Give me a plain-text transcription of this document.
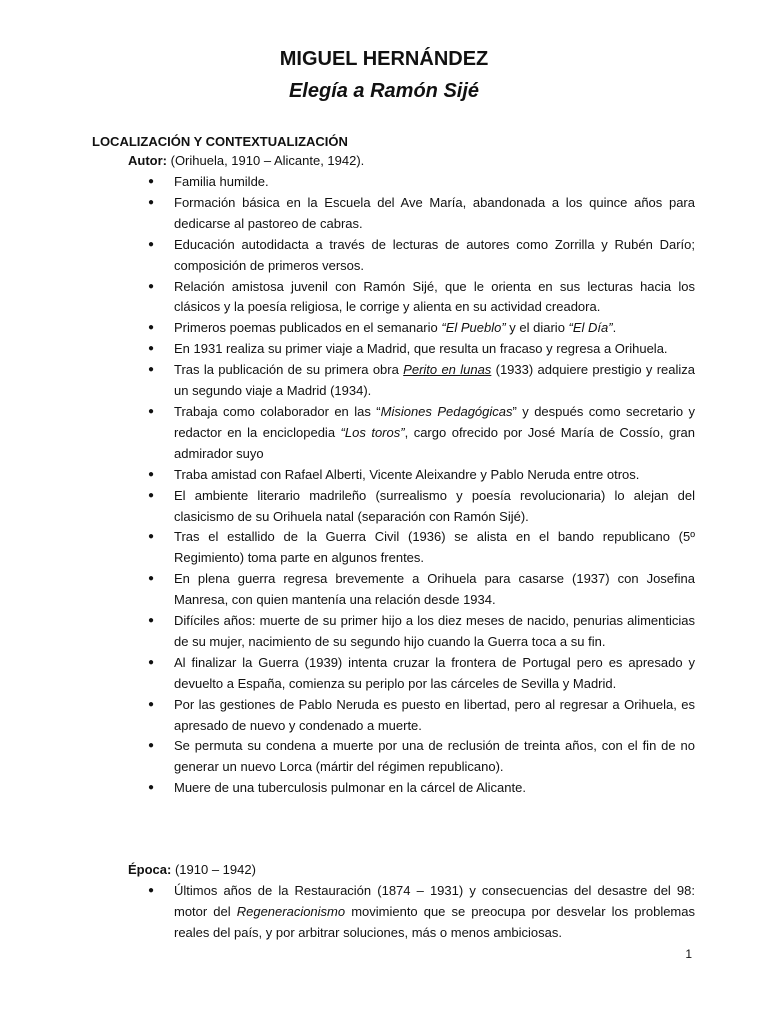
MIGUEL HERNÁNDEZ
Elegía a Ramón Sijé
LOCALIZACIÓN Y CONTEXTUALIZACIÓN
Autor: (Orihuela, 1910 – Alicante, 1942).
● Familia humilde.
● Formación básica en la Escuela del Ave María, abandonada a los quince años para dedicarse al pastoreo de cabras.
● Educación autodidacta a través de lecturas de autores como Zorrilla y Rubén Darío; composición de primeros versos.
● Relación amistosa juvenil con Ramón Sijé, que le orienta en sus lecturas hacia los clásicos y la poesía religiosa, le corrige y alienta en su actividad creadora.
● Primeros poemas publicados en el semanario “El Pueblo” y el diario “El Día”.
● En 1931 realiza su primer viaje a Madrid, que resulta un fracaso y regresa a Orihuela.
● Tras la publicación de su primera obra Perito en lunas (1933) adquiere prestigio y realiza un segundo viaje a Madrid (1934).
● Trabaja como colaborador en las “Misiones Pedagógicas” y después como secretario y redactor en la enciclopedia “Los toros”, cargo ofrecido por José María de Cossío, gran admirador suyo
● Traba amistad con Rafael Alberti, Vicente Aleixandre y Pablo Neruda entre otros.
● El ambiente literario madrileño (surrealismo y poesía revolucionaria) lo alejan del clasicismo de su Orihuela natal (separación con Ramón Sijé).
● Tras el estallido de la Guerra Civil (1936) se alista en el bando republicano (5º Regimiento) toma parte en algunos frentes.
● En plena guerra regresa brevemente a Orihuela para casarse (1937) con Josefina Manresa, con quien mantenía una relación desde 1934.
● Difíciles años: muerte de su primer hijo a los diez meses de nacido, penurias alimenticias de su mujer, nacimiento de su segundo hijo cuando la Guerra toca a su fin.
● Al finalizar la Guerra (1939) intenta cruzar la frontera de Portugal pero es apresado y devuelto a España, comienza su periplo por las cárceles de Sevilla y Madrid.
● Por las gestiones de Pablo Neruda es puesto en libertad, pero al regresar a Orihuela, es apresado de nuevo y condenado a muerte.
● Se permuta su condena a muerte por una de reclusión de treinta años, con el fin de no generar un nuevo Lorca (mártir del régimen republicano).
● Muere de una tuberculosis pulmonar en la cárcel de Alicante.
Época: (1910 – 1942)
● Últimos años de la Restauración (1874 – 1931) y consecuencias del desastre del 98: motor del Regeneracionismo movimiento que se preocupa por desvelar los problemas reales del país, y por arbitrar soluciones, más o menos ambiciosas.
1
